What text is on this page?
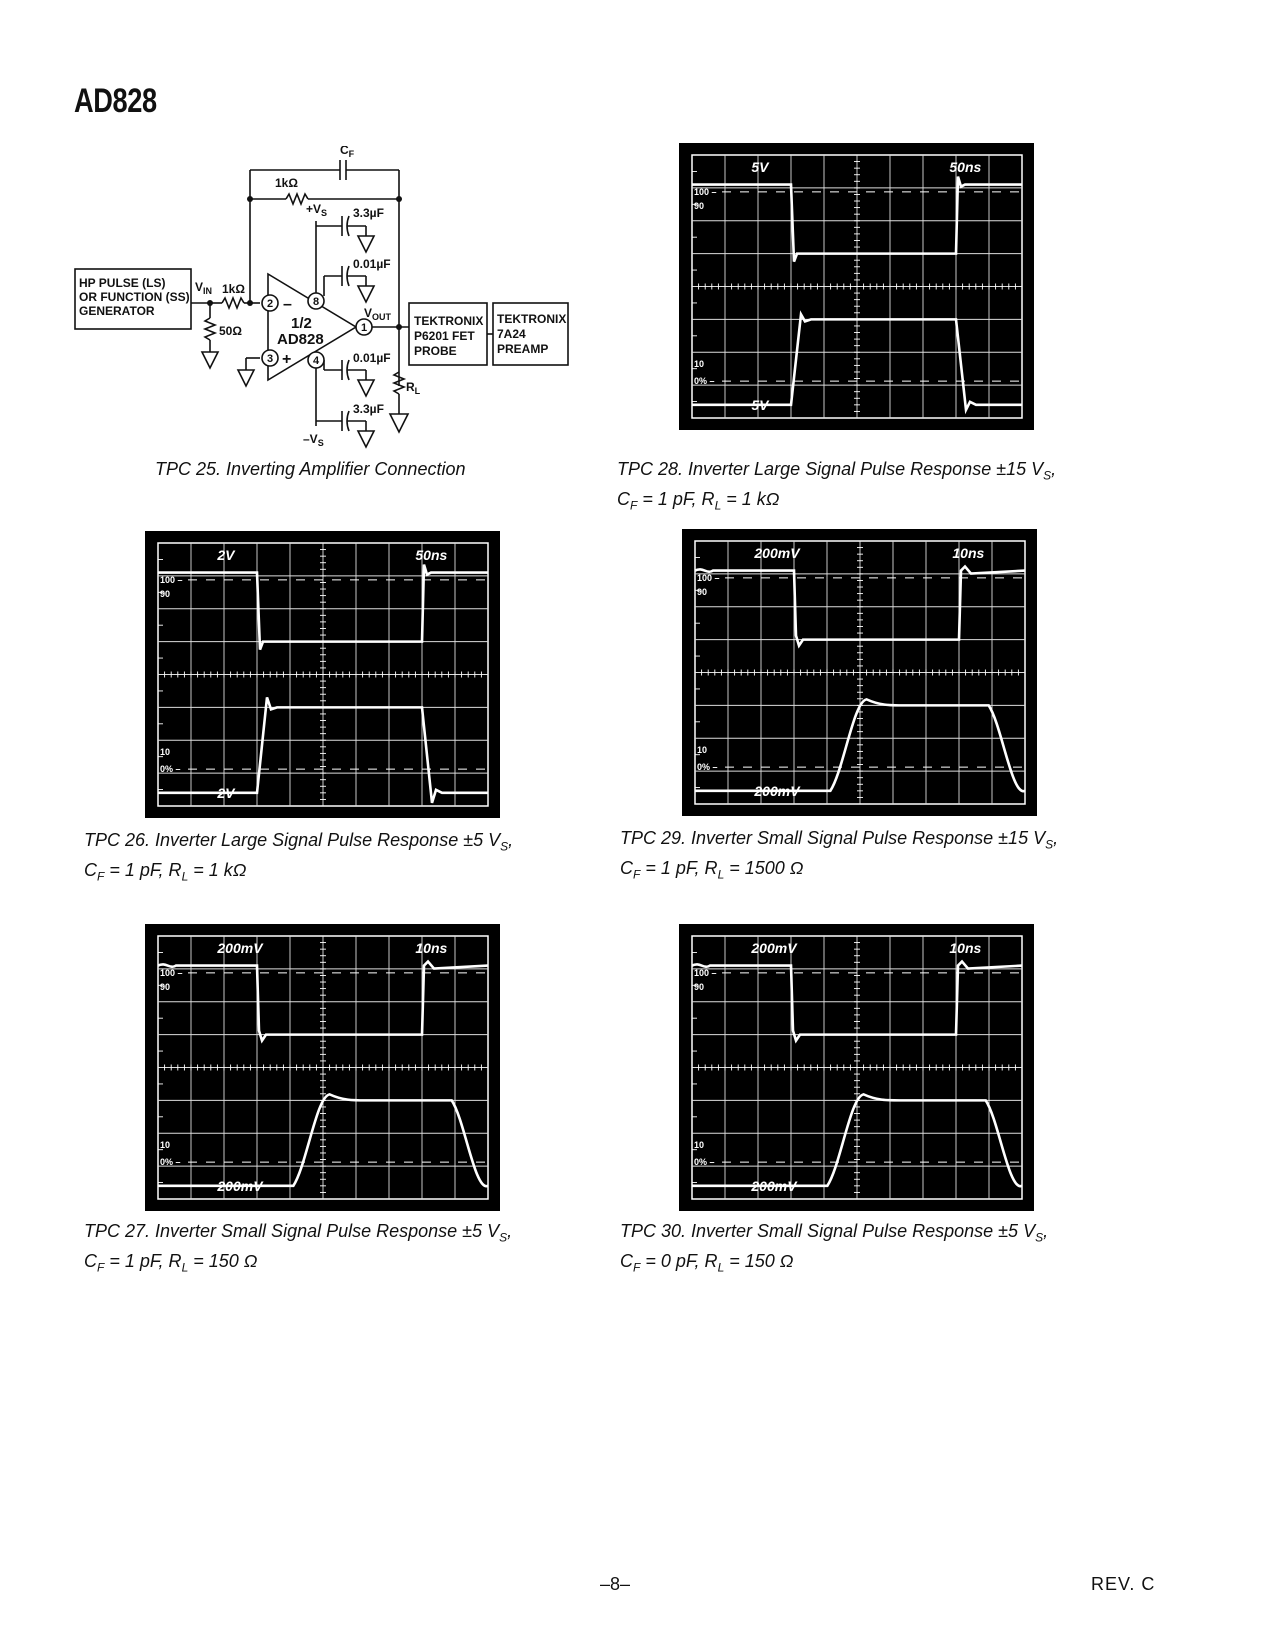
AD828
2	8
1
3	4
HP PULSE (LS)
OR FUNCTION (SS)
GENERATOR
$V_{IN}$ 1kΩ
50Ω
1kΩ
$C_F$
$+V_S$
$-V_S$
3.3µF
0.01µF
0.01µF
3.3µF
$V_{OUT}$
$R_L$
TEKTRONIX
P6201 FET
PROBE
TEKTRONIX
7A24
PREAMP
1/2
AD828
–
+
TPC 25. Inverting Amplifier Connection
100 –
90
10
0% –
5V
5V
50ns
TPC 28. Inverter Large Signal Pulse Response ±15 $V_S$,
$C_F = 1$ pF, $R_L = 1$ kΩ
100 –
90
10
0% –
2V
2V
50ns
TPC 26. Inverter Large Signal Pulse Response ±5 $V_S$,
$C_F = 1$ pF, $R_L = 1$ kΩ
100 –
90
10
0% –
200mV
200mV
10ns
TPC 29. Inverter Small Signal Pulse Response ±15 $V_S$,
$C_F = 1$ pF, $R_L = 1500$ Ω
100 –
90
10
0% –
200mV
200mV
10ns
TPC 27. Inverter Small Signal Pulse Response ±5 $V_S$,
$C_F = 1$ pF, $R_L = 150$ Ω
100 –
90
10
0% –
200mV
200mV
10ns
TPC 30. Inverter Small Signal Pulse Response ±5 $V_S$,
$C_F = 0$ pF, $R_L = 150$ Ω
–8–	REV. C
